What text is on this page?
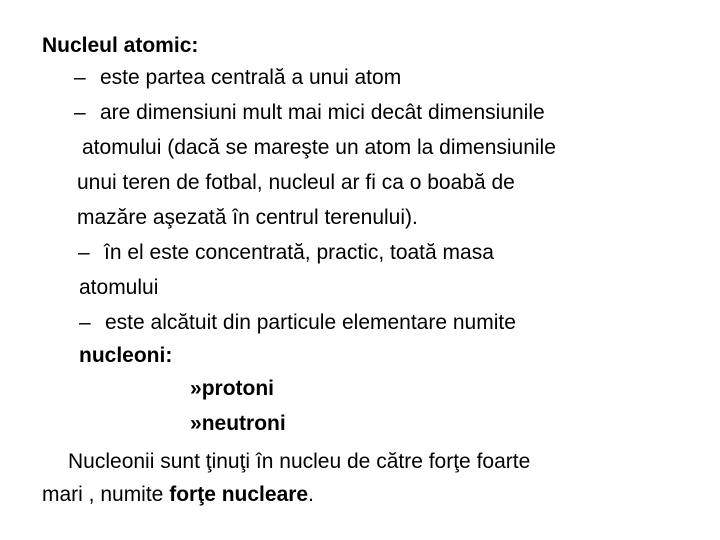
Nucleul atomic:
– este partea centrală a unui atom
– are dimensiuni mult mai mici decât dimensiunile
atomului (dacă se mareşte un atom la dimensiunile
unui teren de fotbal, nucleul ar fi ca o boabă de
mazăre aşezată în centrul terenului).
– în el este concentrată, practic, toată masa
atomului
– este alcătuit din particule elementare numite
nucleoni:
»protoni
»neutroni
Nucleonii sunt ţinuţi în nucleu de către forţe foarte
mari , numite forţe nucleare.
